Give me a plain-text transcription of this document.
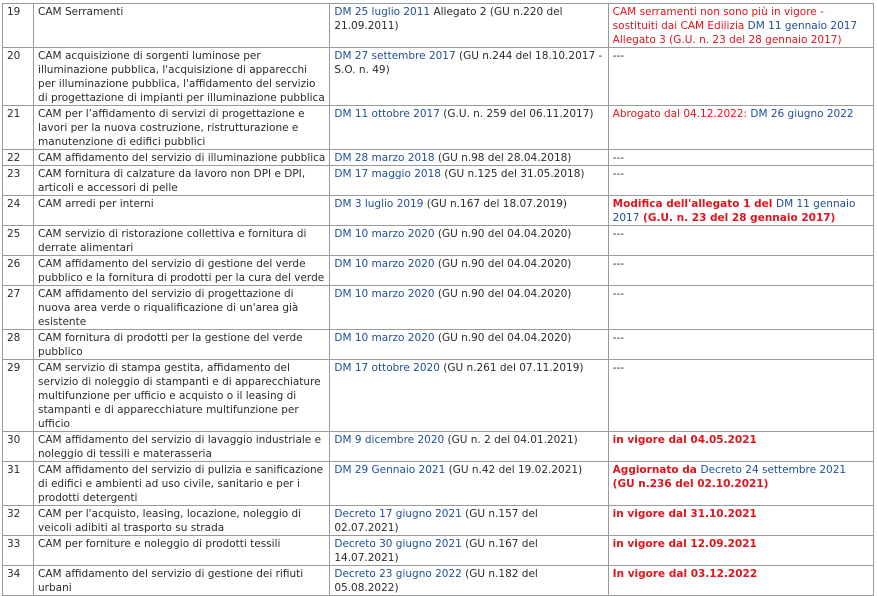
19	CAM Serramenti	DM 25 luglio 2011 Allegato 2 (GU n.220 del 21.09.2011)	CAM serramenti non sono più in vigore - sostituiti dai CAM Edilizia DM 11 gennaio 2017 Allegato 3 (G.U. n. 23 del 28 gennaio 2017)
20	CAM acquisizione di sorgenti luminose per illuminazione pubblica, l'acquisizione di apparecchi per illuminazione pubblica, l'affidamento del servizio di progettazione di impianti per illuminazione pubblica	DM 27 settembre 2017 (GU n.244 del 18.10.2017 - S.O. n. 49)	---
21	CAM per l’affidamento di servizi di progettazione e lavori per la nuova costruzione, ristrutturazione e manutenzione di edifici pubblici	DM 11 ottobre 2017 (G.U. n. 259 del 06.11.2017)	Abrogato dal 04.12.2022: DM 26 giugno 2022
22	CAM affidamento del servizio di illuminazione pubblica	DM 28 marzo 2018 (GU n.98 del 28.04.2018)	---
23	CAM fornitura di calzature da lavoro non DPI e DPI, articoli e accessori di pelle	DM 17 maggio 2018 (GU n.125 del 31.05.2018)	---
24	CAM arredi per interni	DM 3 luglio 2019 (GU n.167 del 18.07.2019)	Modifica dell'allegato 1 del DM 11 gennaio 2017 (G.U. n. 23 del 28 gennaio 2017)
25	CAM servizio di ristorazione collettiva e fornitura di derrate alimentari	DM 10 marzo 2020 (GU n.90 del 04.04.2020)	---
26	CAM affidamento del servizio di gestione del verde pubblico e la fornitura di prodotti per la cura del verde	DM 10 marzo 2020 (GU n.90 del 04.04.2020)	---
27	CAM affidamento del servizio di progettazione di nuova area verde o riqualificazione di un'area già esistente	DM 10 marzo 2020 (GU n.90 del 04.04.2020)	---
28	CAM fornitura di prodotti per la gestione del verde pubblico	DM 10 marzo 2020 (GU n.90 del 04.04.2020)	---
29	CAM servizio di stampa gestita, affidamento del servizio di noleggio di stampanti e di apparecchiature multifunzione per ufficio e acquisto o il leasing di stampanti e di apparecchiature multifunzione per ufficio	DM 17 ottobre 2020 (GU n.261 del 07.11.2019)	---
30	CAM affidamento del servizio di lavaggio industriale e noleggio di tessili e materasseria	DM 9 dicembre 2020 (GU n. 2 del 04.01.2021)	in vigore dal 04.05.2021
31	CAM affidamento del servizio di pulizia e sanificazione di edifici e ambienti ad uso civile, sanitario e per i prodotti detergenti	DM 29 Gennaio 2021 (GU n.42 del 19.02.2021)	Aggiornato da Decreto 24 settembre 2021 (GU n.236 del 02.10.2021)
32	CAM per l'acquisto, leasing, locazione, noleggio di veicoli adibiti al trasporto su strada	Decreto 17 giugno 2021 (GU n.157 del 02.07.2021)	in vigore dal 31.10.2021
33	CAM per forniture e noleggio di prodotti tessili	Decreto 30 giugno 2021 (GU n.167 del 14.07.2021)	in vigore dal 12.09.2021
34	CAM affidamento del servizio di gestione dei rifiuti urbani	Decreto 23 giugno 2022 (GU n.182 del 05.08.2022)	In vigore dal 03.12.2022
